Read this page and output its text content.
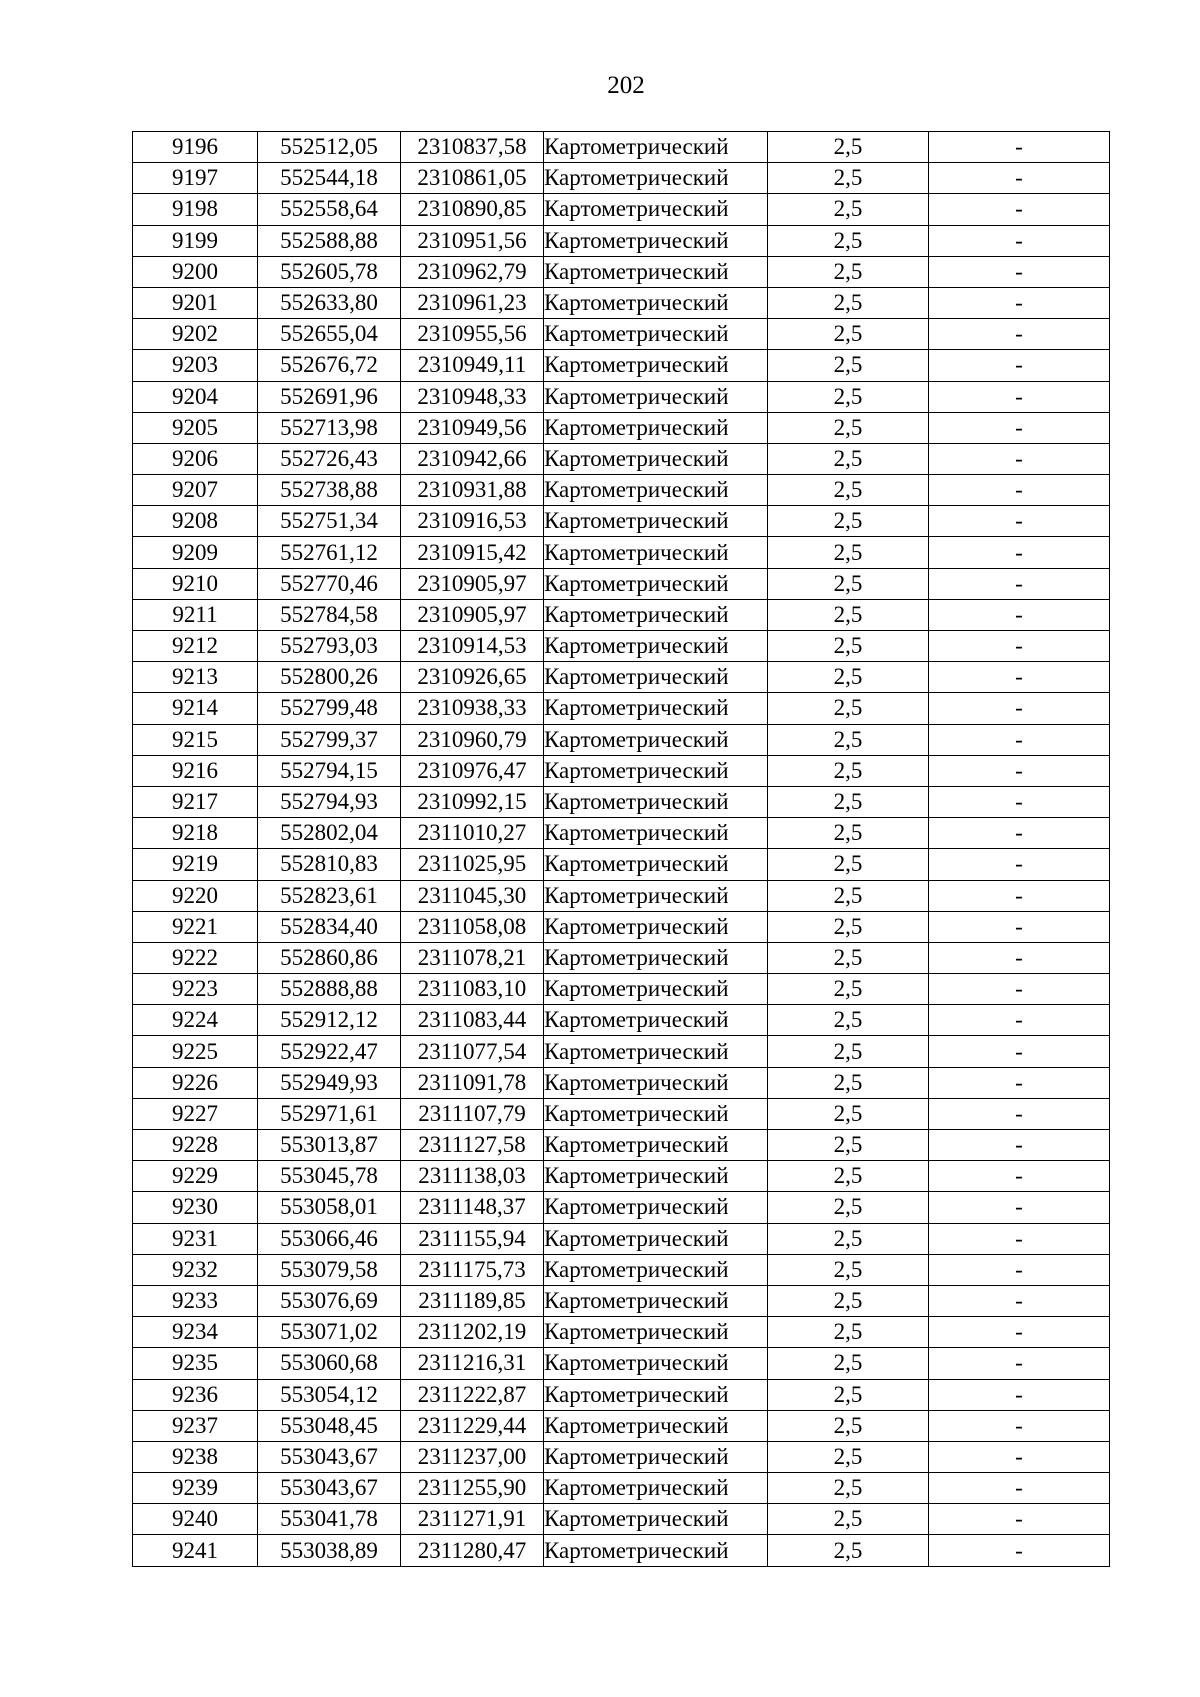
202
9196	552512,05	2310837,58	Картометрический	2,5	-
9197	552544,18	2310861,05	Картометрический	2,5	-
9198	552558,64	2310890,85	Картометрический	2,5	-
9199	552588,88	2310951,56	Картометрический	2,5	-
9200	552605,78	2310962,79	Картометрический	2,5	-
9201	552633,80	2310961,23	Картометрический	2,5	-
9202	552655,04	2310955,56	Картометрический	2,5	-
9203	552676,72	2310949,11	Картометрический	2,5	-
9204	552691,96	2310948,33	Картометрический	2,5	-
9205	552713,98	2310949,56	Картометрический	2,5	-
9206	552726,43	2310942,66	Картометрический	2,5	-
9207	552738,88	2310931,88	Картометрический	2,5	-
9208	552751,34	2310916,53	Картометрический	2,5	-
9209	552761,12	2310915,42	Картометрический	2,5	-
9210	552770,46	2310905,97	Картометрический	2,5	-
9211	552784,58	2310905,97	Картометрический	2,5	-
9212	552793,03	2310914,53	Картометрический	2,5	-
9213	552800,26	2310926,65	Картометрический	2,5	-
9214	552799,48	2310938,33	Картометрический	2,5	-
9215	552799,37	2310960,79	Картометрический	2,5	-
9216	552794,15	2310976,47	Картометрический	2,5	-
9217	552794,93	2310992,15	Картометрический	2,5	-
9218	552802,04	2311010,27	Картометрический	2,5	-
9219	552810,83	2311025,95	Картометрический	2,5	-
9220	552823,61	2311045,30	Картометрический	2,5	-
9221	552834,40	2311058,08	Картометрический	2,5	-
9222	552860,86	2311078,21	Картометрический	2,5	-
9223	552888,88	2311083,10	Картометрический	2,5	-
9224	552912,12	2311083,44	Картометрический	2,5	-
9225	552922,47	2311077,54	Картометрический	2,5	-
9226	552949,93	2311091,78	Картометрический	2,5	-
9227	552971,61	2311107,79	Картометрический	2,5	-
9228	553013,87	2311127,58	Картометрический	2,5	-
9229	553045,78	2311138,03	Картометрический	2,5	-
9230	553058,01	2311148,37	Картометрический	2,5	-
9231	553066,46	2311155,94	Картометрический	2,5	-
9232	553079,58	2311175,73	Картометрический	2,5	-
9233	553076,69	2311189,85	Картометрический	2,5	-
9234	553071,02	2311202,19	Картометрический	2,5	-
9235	553060,68	2311216,31	Картометрический	2,5	-
9236	553054,12	2311222,87	Картометрический	2,5	-
9237	553048,45	2311229,44	Картометрический	2,5	-
9238	553043,67	2311237,00	Картометрический	2,5	-
9239	553043,67	2311255,90	Картометрический	2,5	-
9240	553041,78	2311271,91	Картометрический	2,5	-
9241	553038,89	2311280,47	Картометрический	2,5	-
